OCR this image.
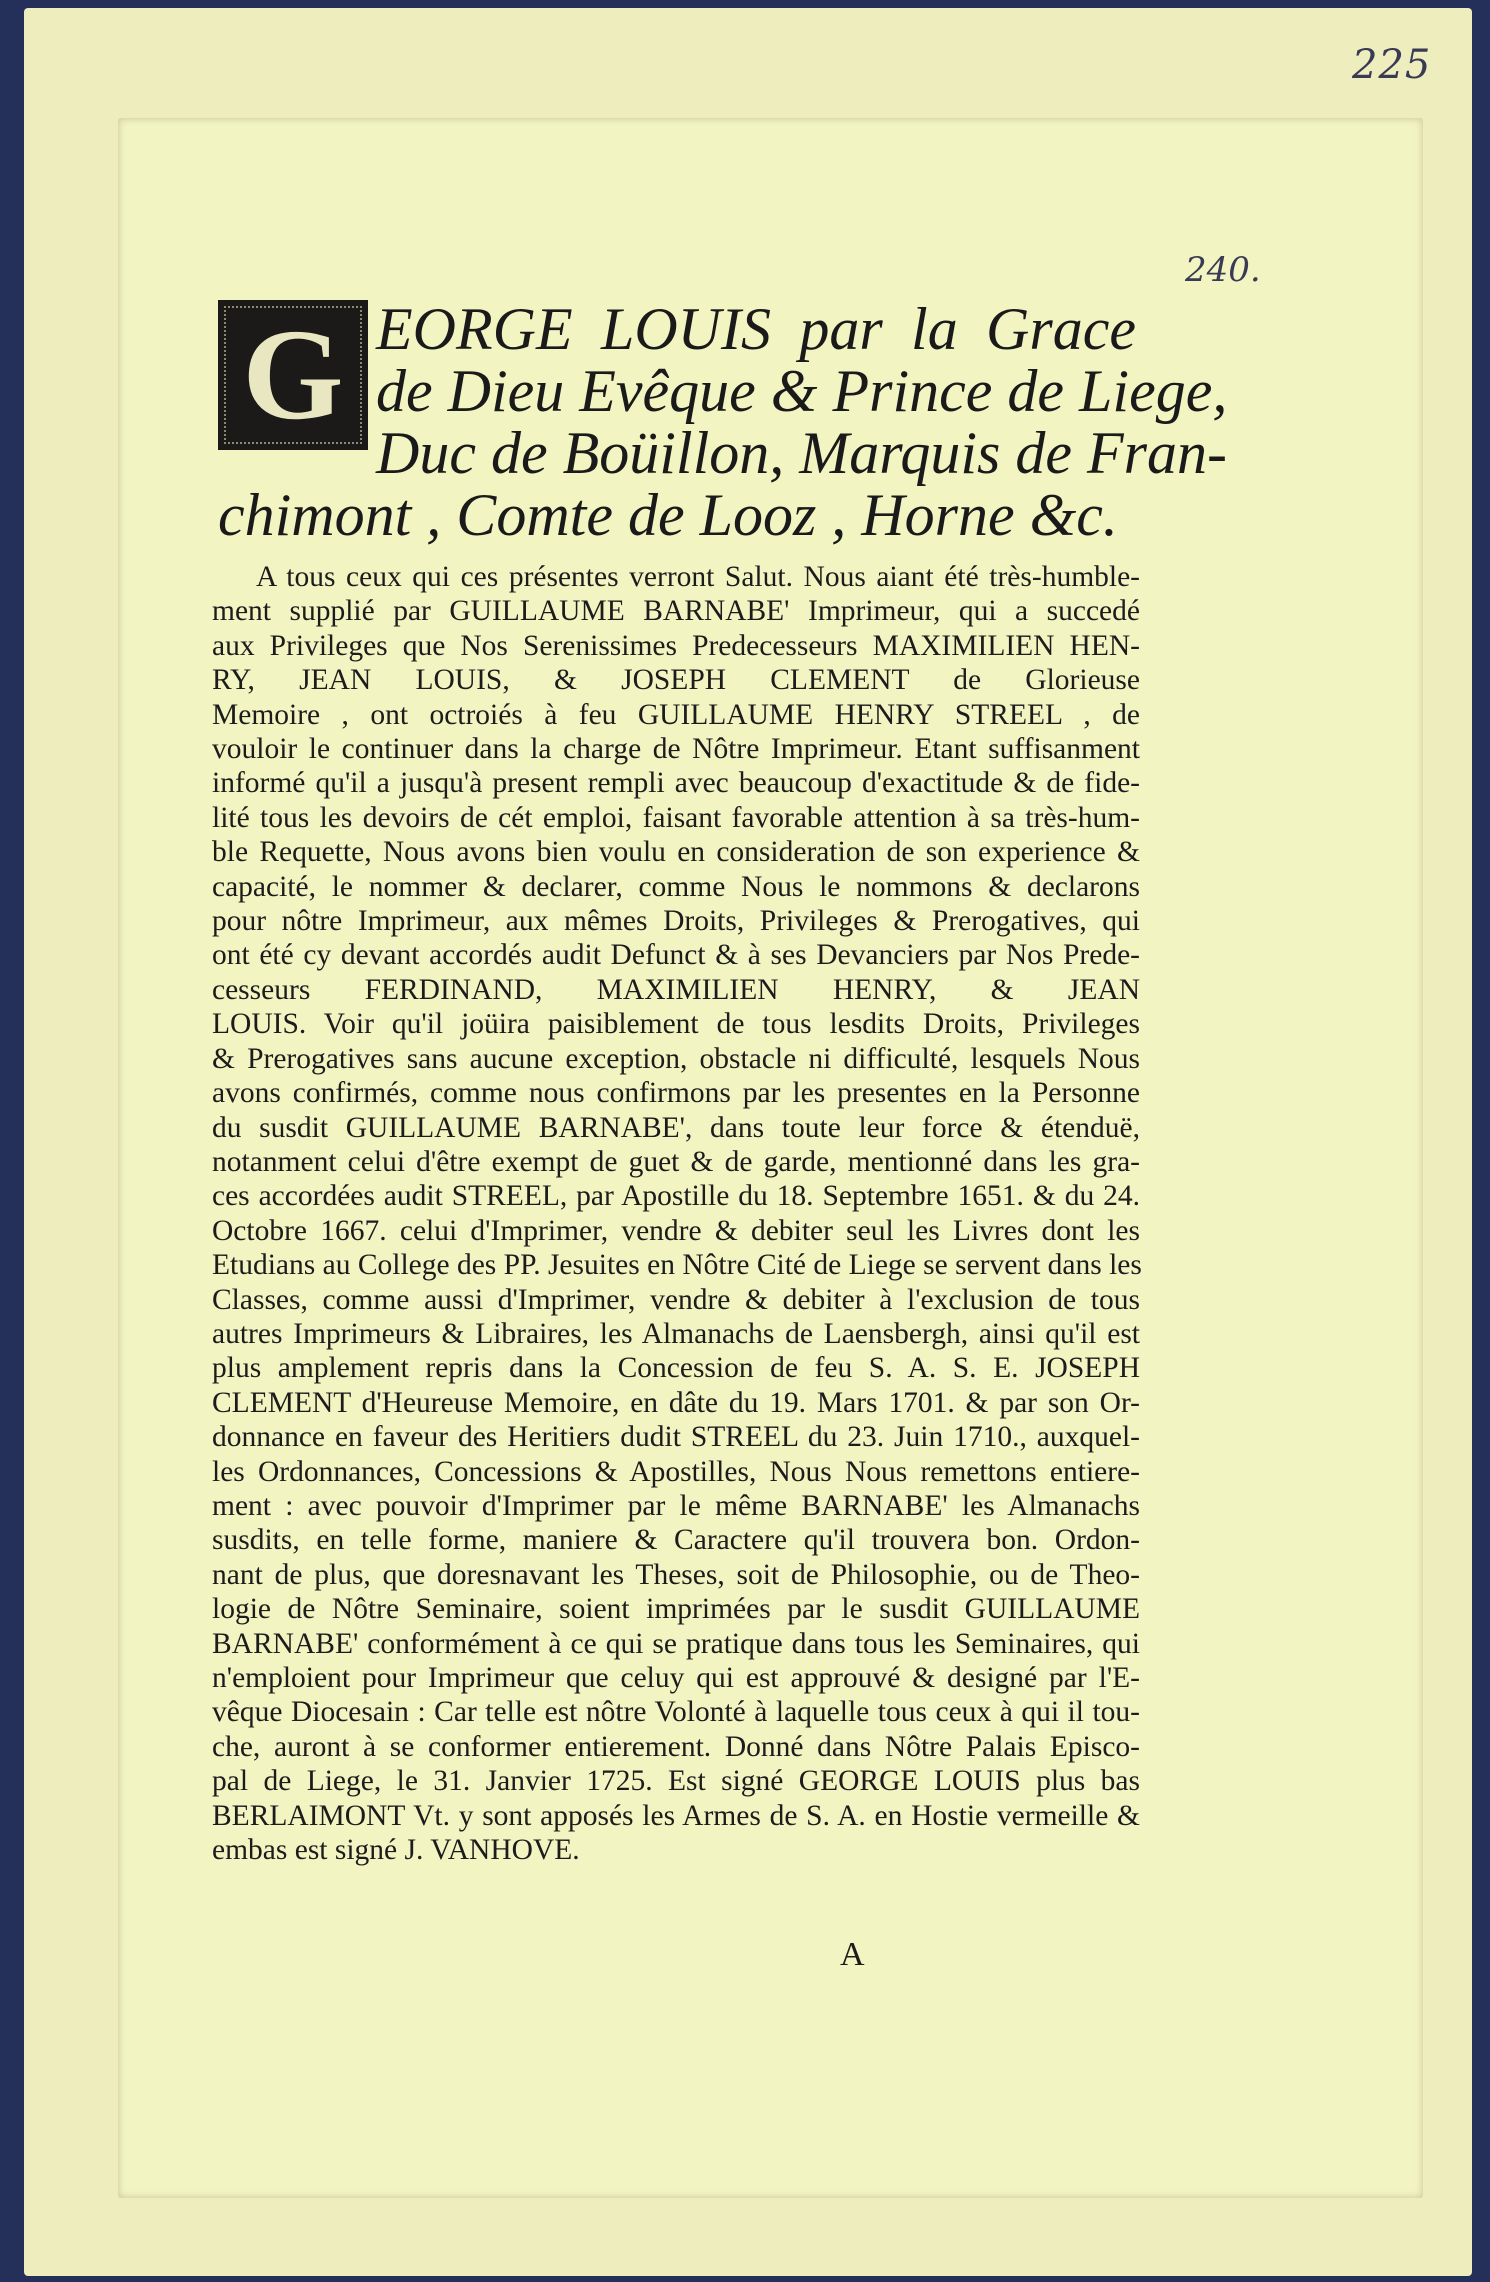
225
240.
G EORGE LOUIS par la Grace
de Dieu Evêque & Prince de Liege,
Duc de Boüillon, Marquis de Fran-
chimont , Comte de Looz , Horne &c.
A tous ceux qui ces présentes verront Salut. Nous aiant été très-humble-
ment supplié par GUILLAUME BARNABE' Imprimeur, qui a succedé
aux Privileges que Nos Serenissimes Predecesseurs MAXIMILIEN HEN-
RY, JEAN LOUIS, & JOSEPH CLEMENT de Glorieuse
Memoire , ont octroiés à feu GUILLAUME HENRY STREEL , de
vouloir le continuer dans la charge de Nôtre Imprimeur. Etant suffisanment
informé qu'il a jusqu'à present rempli avec beaucoup d'exactitude & de fide-
lité tous les devoirs de cét emploi, faisant favorable attention à sa très-hum-
ble Requette, Nous avons bien voulu en consideration de son experience &
capacité, le nommer & declarer, comme Nous le nommons & declarons
pour nôtre Imprimeur, aux mêmes Droits, Privileges & Prerogatives, qui
ont été cy devant accordés audit Defunct & à ses Devanciers par Nos Prede-
cesseurs FERDINAND, MAXIMILIEN HENRY, & JEAN
LOUIS. Voir qu'il joüira paisiblement de tous lesdits Droits, Privileges
& Prerogatives sans aucune exception, obstacle ni difficulté, lesquels Nous
avons confirmés, comme nous confirmons par les presentes en la Personne
du susdit GUILLAUME BARNABE', dans toute leur force & étenduë,
notanment celui d'être exempt de guet & de garde, mentionné dans les gra-
ces accordées audit STREEL, par Apostille du 18. Septembre 1651. & du 24.
Octobre 1667. celui d'Imprimer, vendre & debiter seul les Livres dont les
Etudians au College des PP. Jesuites en Nôtre Cité de Liege se servent dans les
Classes, comme aussi d'Imprimer, vendre & debiter à l'exclusion de tous
autres Imprimeurs & Libraires, les Almanachs de Laensbergh, ainsi qu'il est
plus amplement repris dans la Concession de feu S. A. S. E. JOSEPH
CLEMENT d'Heureuse Memoire, en dâte du 19. Mars 1701. & par son Or-
donnance en faveur des Heritiers dudit STREEL du 23. Juin 1710., auxquel-
les Ordonnances, Concessions & Apostilles, Nous Nous remettons entiere-
ment : avec pouvoir d'Imprimer par le même BARNABE' les Almanachs
susdits, en telle forme, maniere & Caractere qu'il trouvera bon. Ordon-
nant de plus, que doresnavant les Theses, soit de Philosophie, ou de Theo-
logie de Nôtre Seminaire, soient imprimées par le susdit GUILLAUME
BARNABE' conformément à ce qui se pratique dans tous les Seminaires, qui
n'emploient pour Imprimeur que celuy qui est approuvé & designé par l'E-
vêque Diocesain : Car telle est nôtre Volonté à laquelle tous ceux à qui il tou-
che, auront à se conformer entierement. Donné dans Nôtre Palais Episco-
pal de Liege, le 31. Janvier 1725. Est signé GEORGE LOUIS plus bas
BERLAIMONT Vt. y sont apposés les Armes de S. A. en Hostie vermeille &
embas est signé J. VANHOVE.
A
